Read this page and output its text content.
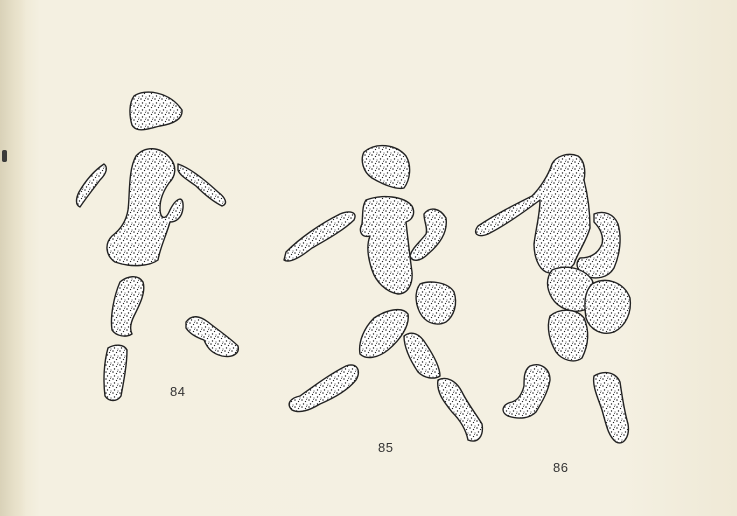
84
85
86
